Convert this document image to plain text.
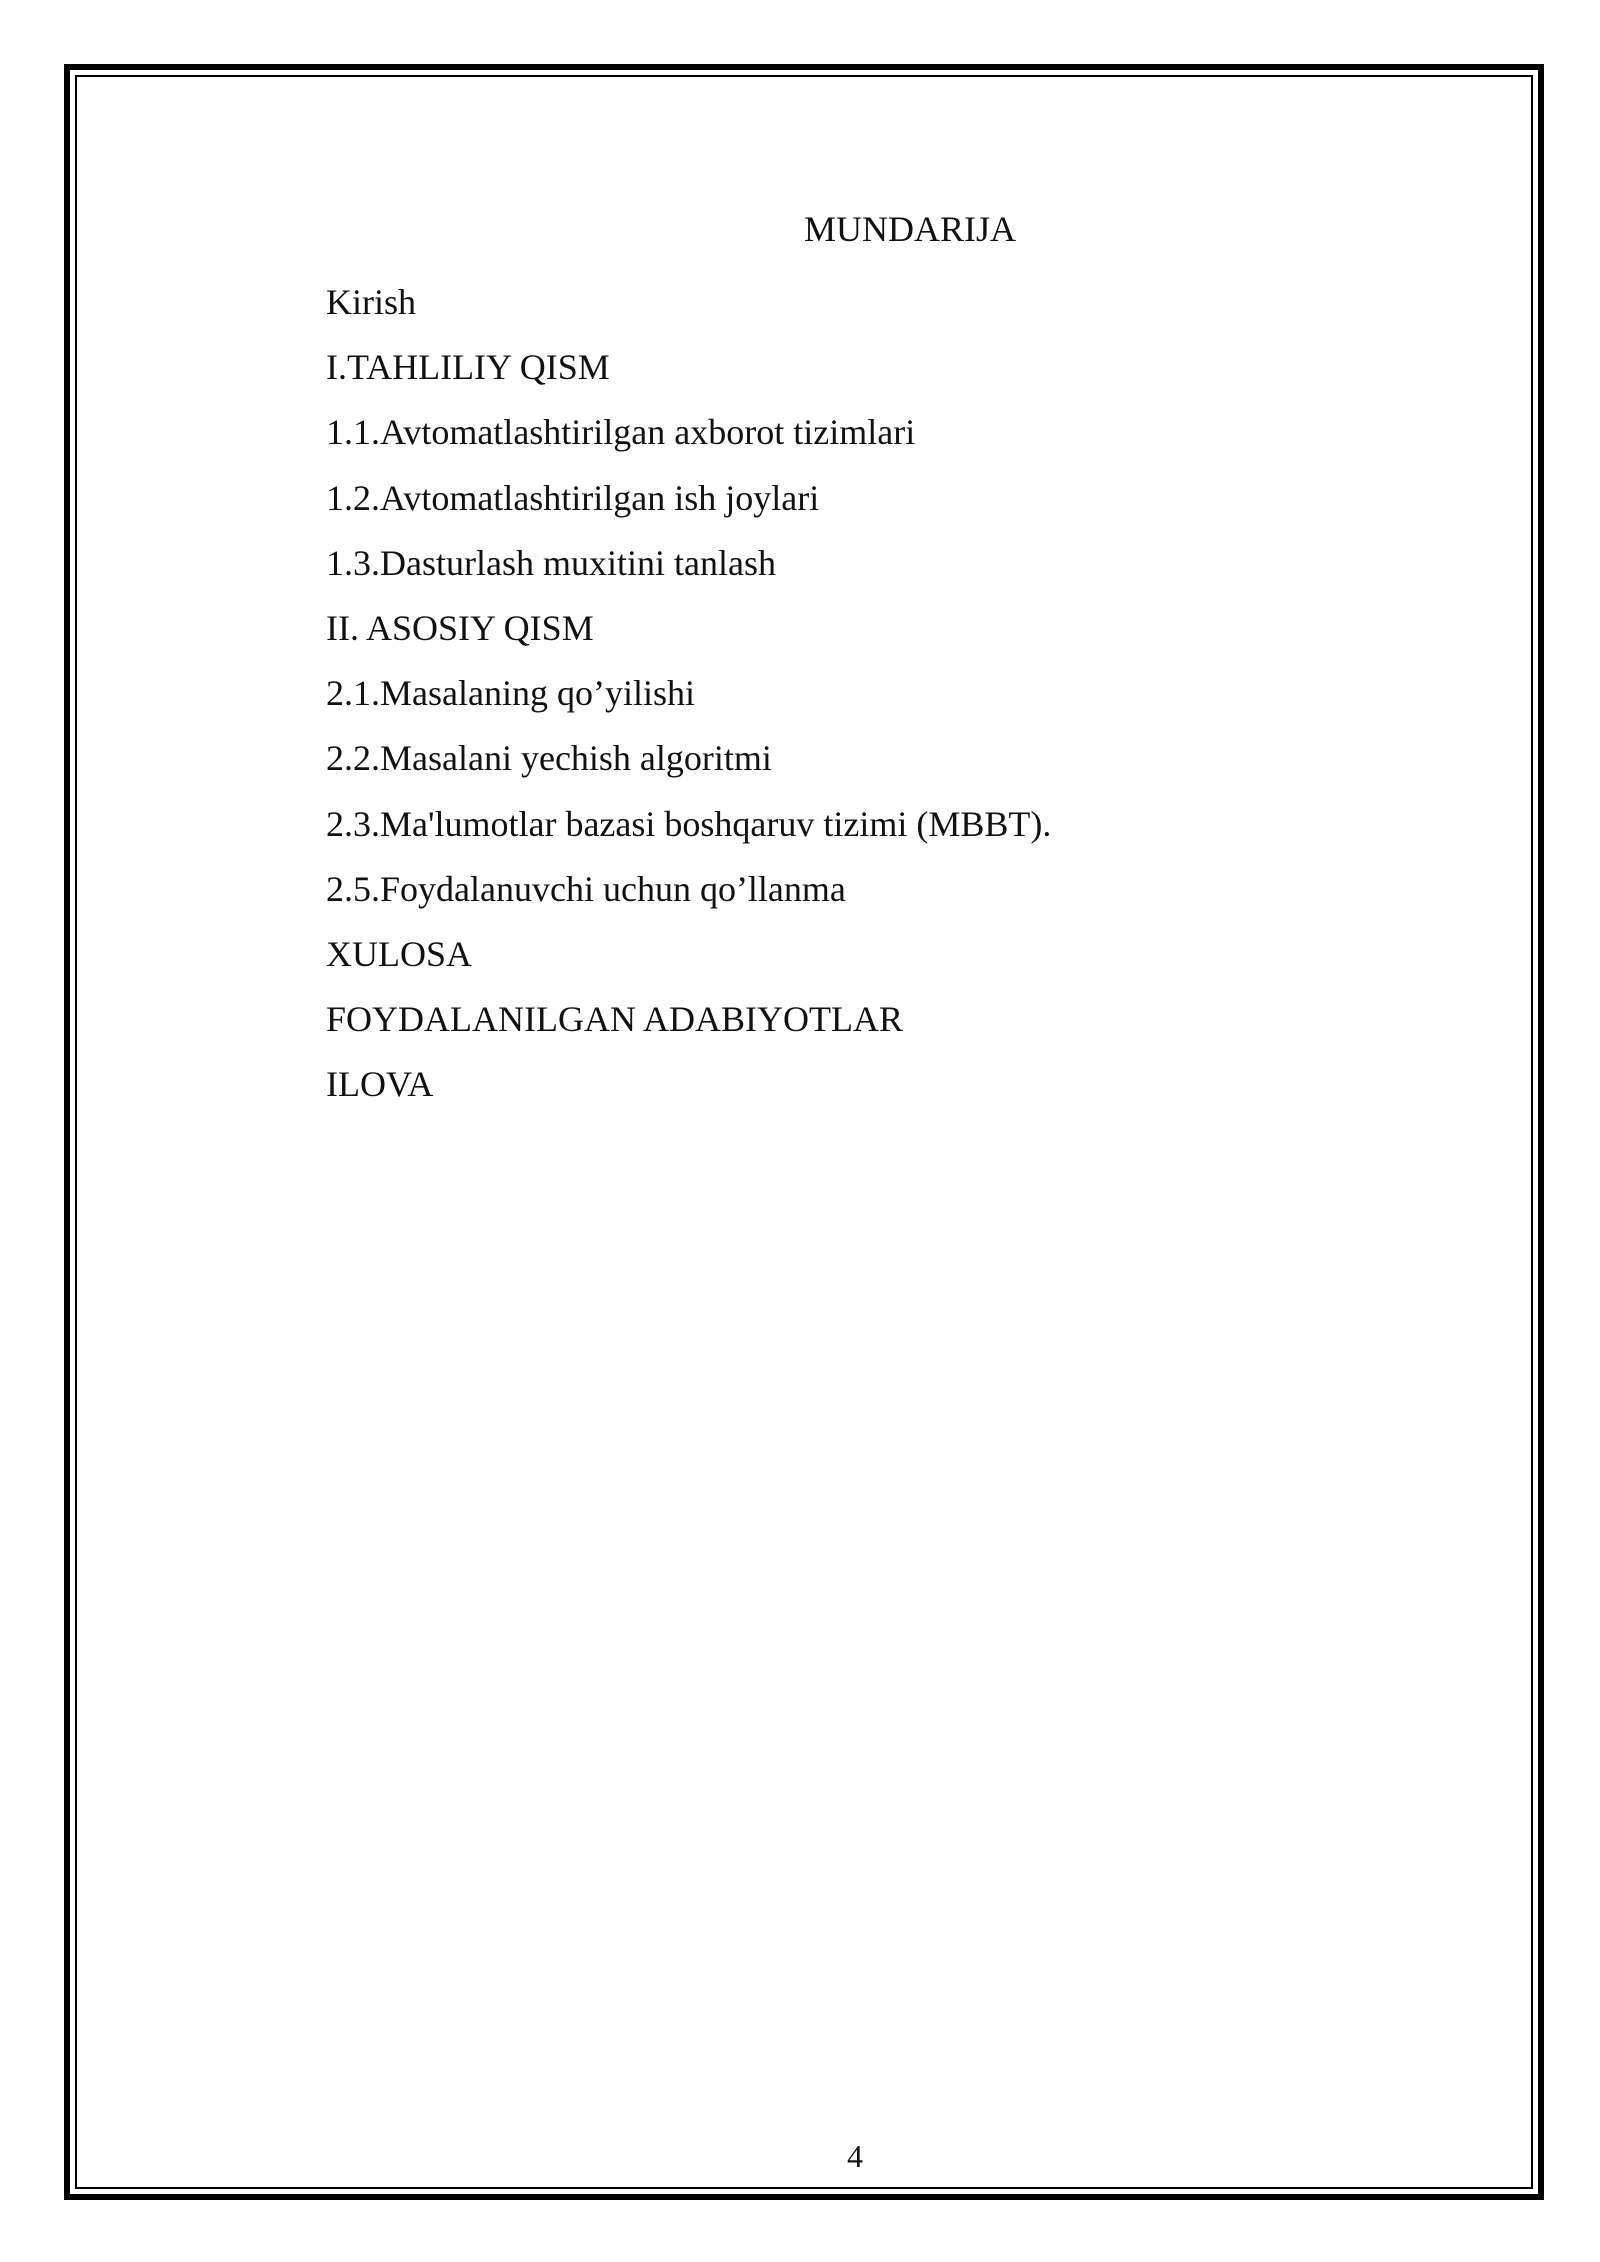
MUNDARIJA
Kirish
I.TAHLILIY QISM
1.1.Avtomatlashtirilgan axborot tizimlari
1.2.Avtomatlashtirilgan ish joylari
1.3.Dasturlash muxitini tanlash
II. ASOSIY QISM
2.1.Masalaning qo’yilishi
2.2.Masalani yechish algoritmi
2.3.Ma'lumotlar bazasi boshqaruv tizimi (MBBT).
2.5.Foydalanuvchi uchun qo’llanma
XULOSA
FOYDALANILGAN ADABIYOTLAR
ILOVA
4
